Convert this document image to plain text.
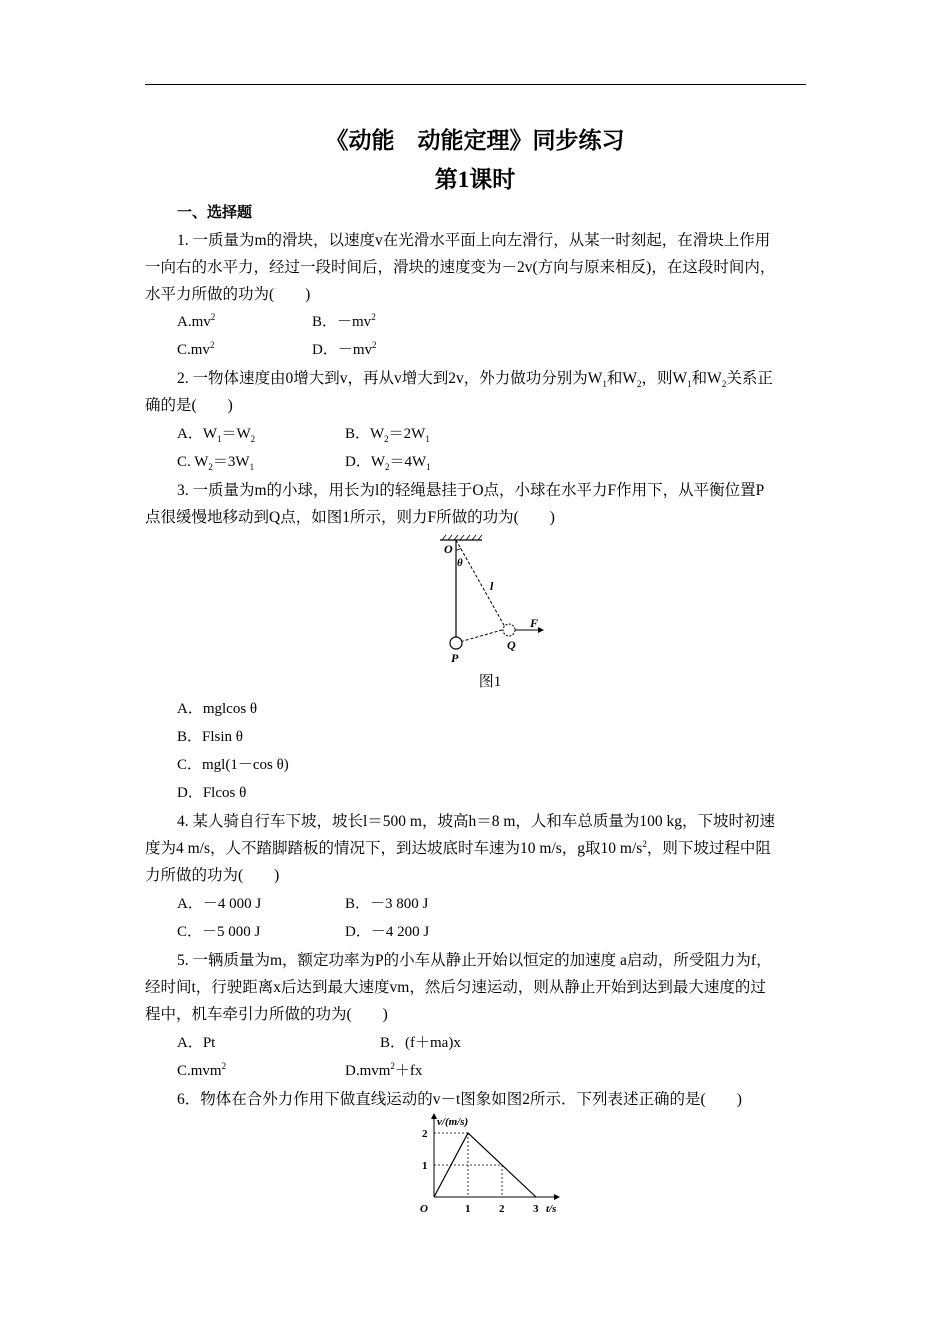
《动能　动能定理》同步练习
第1课时
一、选择题
1. 一质量为m的滑块，以速度v在光滑水平面上向左滑行，从某一时刻起，在滑块上作用
一向右的水平力，经过一段时间后，滑块的速度变为－2v(方向与原来相反)，在这段时间内，
水平力所做的功为(　　)
$A.mv^2$	B．$-mv^2$
$C.mv^2$	D．$-mv^2$
2. 一物体速度由0增大到v，再从v增大到2v，外力做功分别为$W_1$和$W_2$，则$W_1$和$W_2$关系正
确的是(　　)
A．$W_1=W_2$	B．$W_2=2W_1$
C. $W_2=3W_1$	D．$W_2=4W_1$
3. 一质量为m的小球，用长为l的轻绳悬挂于O点，小球在水平力F作用下，从平衡位置P
点很缓慢地移动到Q点，如图1所示，则力F所做的功为(　　)
O
θ
l
F
P
Q
图1
A．mglcos θ
B．Flsin θ
C．mgl(1－cos θ)
D．Flcos θ
4. 某人骑自行车下坡，坡长l＝500 m，坡高h＝8 m，人和车总质量为100 kg，下坡时初速
度为4 m/s，人不踏脚踏板的情况下，到达坡底时车速为10 m/s，g取10 $m/s^2$，则下坡过程中阻
力所做的功为(　　)
A．－4 000 J	B．－3 800 J
C．－5 000 J	D．－4 200 J
5. 一辆质量为m，额定功率为P的小车从静止开始以恒定的加速度 a启动，所受阻力为f，
经时间t，行驶距离x后达到最大速度vm，然后匀速运动，则从静止开始到达到最大速度的过
程中，机车牵引力所做的功为(　　)
A．Pt	B．(f＋ma)x
C.mvm$^2$	D.mvm$^2$＋fx
6．物体在合外力作用下做直线运动的v－t图象如图2所示．下列表述正确的是(　　)
1	2	3
1
2
O	t/s
v/(m/s)
